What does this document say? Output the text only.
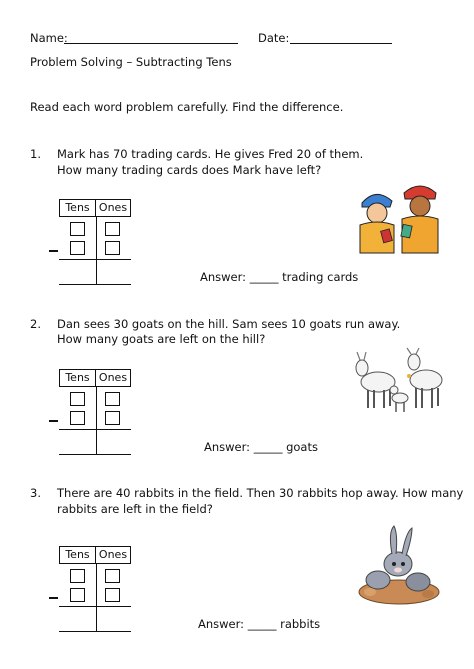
Name:	Date:
Problem Solving – Subtracting Tens
Read each word problem carefully. Find the difference.
1. Mark has 70 trading cards. He gives Fred 20 of them.
How many trading cards does Mark have left?
Tens Ones
Answer: _____ trading cards
2. Dan sees 30 goats on the hill. Sam sees 10 goats run away.
How many goats are left on the hill?
Tens Ones
Answer: _____ goats
3. There are 40 rabbits in the field. Then 30 rabbits hop away. How many
rabbits are left in the field?
Tens Ones
Answer: _____ rabbits
